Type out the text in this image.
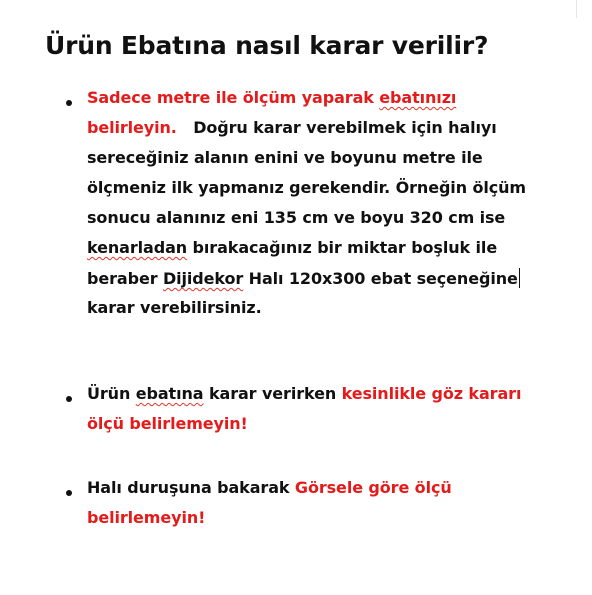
Ürün Ebatına nasıl karar verilir?
Sadece metre ile ölçüm yaparak ebatınızı
belirleyin.   Doğru karar verebilmek için halıyı
sereceğiniz alanın enini ve boyunu metre ile
ölçmeniz ilk yapmanız gerekendir. Örneğin ölçüm
sonucu alanınız eni 135 cm ve boyu 320 cm ise
kenarladan bırakacağınız bir miktar boşluk ile
beraber Dijidekor Halı 120x300 ebat seçeneğine
karar verebilirsiniz.
Ürün ebatına karar verirken kesinlikle göz kararı
ölçü belirlemeyin!
Halı duruşuna bakarak Görsele göre ölçü
belirlemeyin!
